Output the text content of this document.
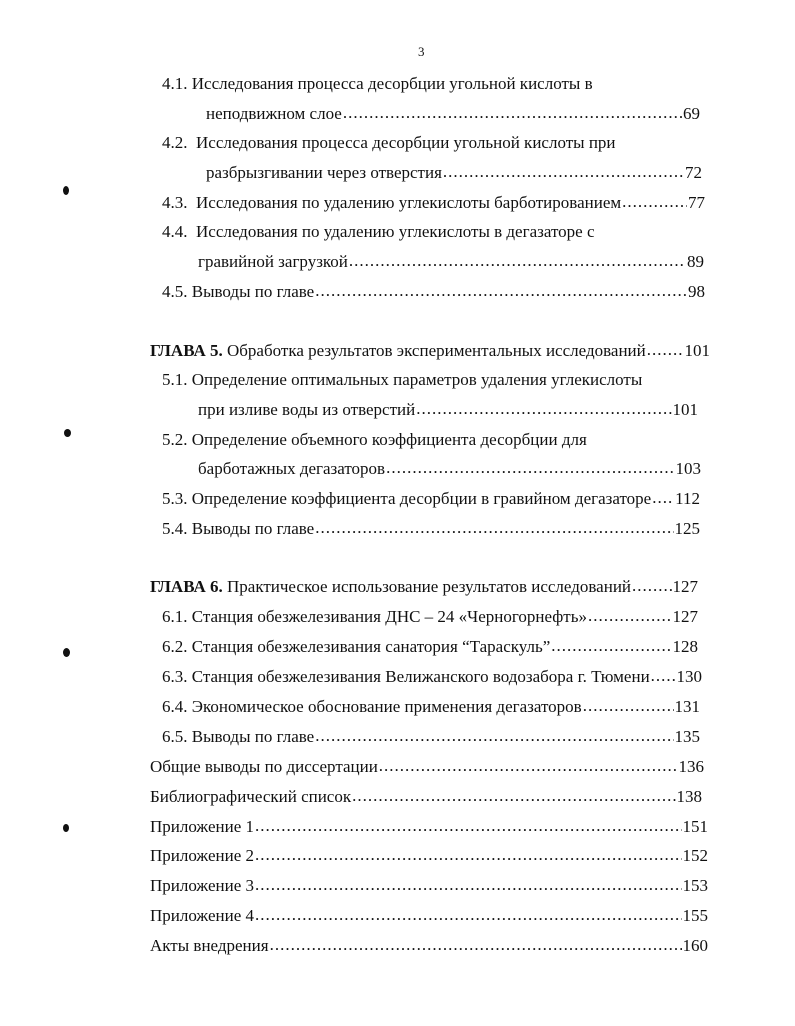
3
4.1. Исследования процесса десорбции угольной кислоты в
неподвижном слое .....	69
4.2. Исследования процесса десорбции угольной кислоты при
разбрызгивании через отверстия .....	72
4.3. Исследования по удалению углекислоты барботированием .....	77
4.4. Исследования по удалению углекислоты в дегазаторе с
гравийной загрузкой .....	89
4.5. Выводы по главе .....	98
ГЛАВА 5. Обработка результатов экспериментальных исследований ..... 101
5.1. Определение оптимальных параметров удаления углекислоты
при изливе воды из отверстий .....	101
5.2. Определение объемного коэффициента десорбции для
барботажных дегазаторов .....	103
5.3. Определение коэффициента десорбции в гравийном дегазаторе ..... 112
5.4. Выводы по главе .....	125
ГЛАВА 6. Практическое использование результатов исследований ..... 127
6.1. Станция обезжелезивания ДНС – 24 «Черногорнефть» .....	127
6.2. Станция обезжелезивания санатория “Тараскуль” .....	128
6.3. Станция обезжелезивания Велижанского водозабора г. Тюмени ..... 130
6.4. Экономическое обоснование применения дегазаторов .....	131
6.5. Выводы по главе .....	135
Общие выводы по диссертации .....	136
Библиографический список .....	138
Приложение 1 .....	151
Приложение 2 .....	152
Приложение 3 .....	153
Приложение 4 .....	155
Акты внедрения .....	160
